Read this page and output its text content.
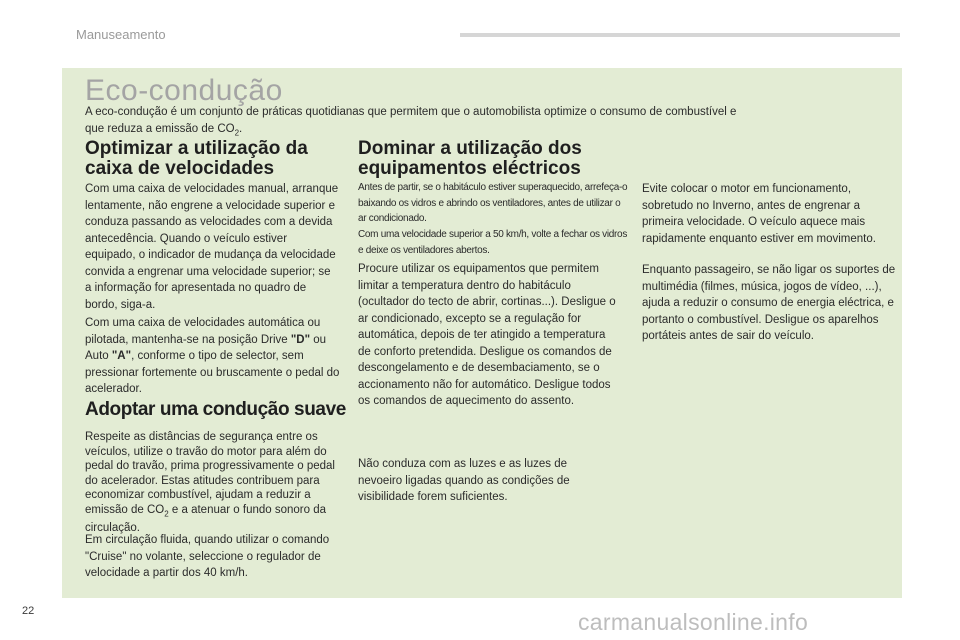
Manuseamento
Eco-condução
A eco-condução é um conjunto de práticas quotidianas que permitem que o automobilista optimize o consumo de combustível e
que reduza a emissão de $CO_2$.
Optimizar a utilização da
caixa de velocidades
Com uma caixa de velocidades manual, arranque lentamente, não engrene a velocidade superior e conduza passando as velocidades com a devida antecedência. Quando o veículo estiver equipado, o indicador de mudança da velocidade convida a engrenar uma velocidade superior; se a informação for apresentada no quadro de bordo, siga-a.
Com uma caixa de velocidades automática ou pilotada, mantenha-se na posição Drive "D" ou Auto "A", conforme o tipo de selector, sem pressionar fortemente ou bruscamente o pedal do acelerador.
Adoptar uma condução suave
Respeite as distâncias de segurança entre os veículos, utilize o travão do motor para além do pedal do travão, prima progressivamente o pedal do acelerador. Estas atitudes contribuem para economizar combustível, ajudam a reduzir a emissão de $CO_2$ e a atenuar o fundo sonoro da circulação.
Em circulação fluida, quando utilizar o comando "Cruise" no volante, seleccione o regulador de velocidade a partir dos 40 km/h.
Dominar a utilização dos
equipamentos eléctricos
Antes de partir, se o habitáculo estiver superaquecido, arrefeça-o baixando os vidros e abrindo os ventiladores, antes de utilizar o ar condicionado.
Com uma velocidade superior a 50 km/h, volte a fechar os vidros e deixe os ventiladores abertos.
Procure utilizar os equipamentos que permitem limitar a temperatura dentro do habitáculo (ocultador do tecto de abrir, cortinas...). Desligue o ar condicionado, excepto se a regulação for automática, depois de ter atingido a temperatura de conforto pretendida. Desligue os comandos de descongelamento e de desembaciamento, se o accionamento não for automático. Desligue todos os comandos de aquecimento do assento.
Não conduza com as luzes e as luzes de nevoeiro ligadas quando as condições de visibilidade forem suficientes.
Evite colocar o motor em funcionamento, sobretudo no Inverno, antes de engrenar a primeira velocidade. O veículo aquece mais rapidamente enquanto estiver em movimento.
Enquanto passageiro, se não ligar os suportes de multimédia (filmes, música, jogos de vídeo, ...), ajuda a reduzir o consumo de energia eléctrica, e portanto o combustível. Desligue os aparelhos portáteis antes de sair do veículo.
22	carmanualsonline.info
